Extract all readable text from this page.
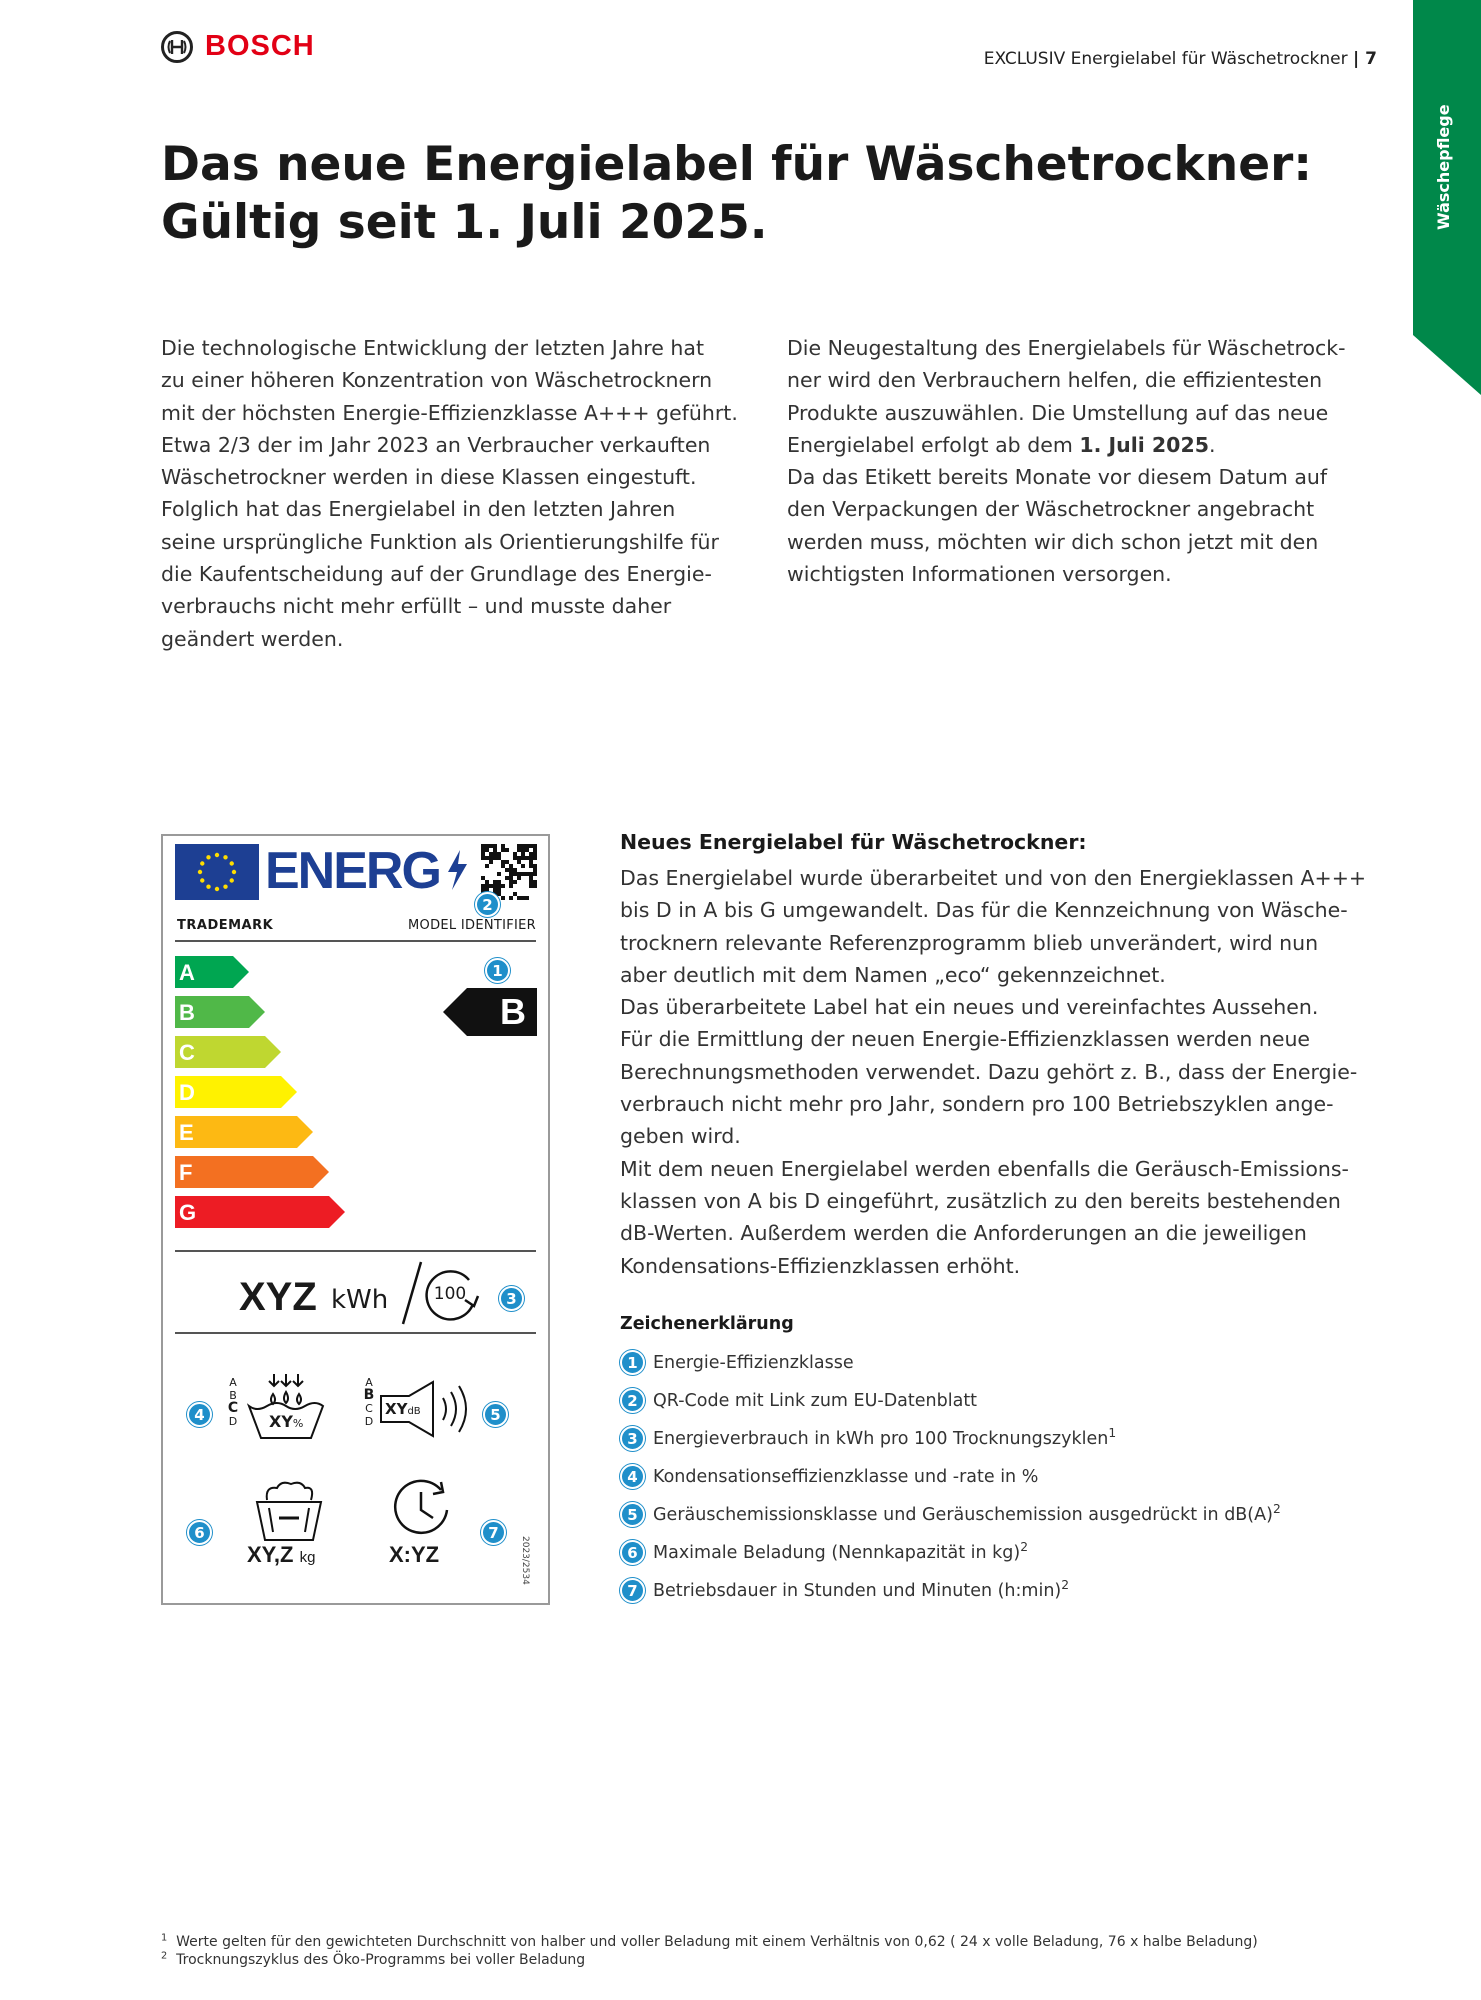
BOSCH	EXCLUSIV Energielabel für Wäschetrockner | 7
Wäschepflege
Das neue Energielabel für Wäschetrockner:
Gültig seit 1. Juli 2025.
Die technologische Entwicklung der letzten Jahre hat
zu einer höheren Konzentration von Wäschetrocknern
mit der höchsten Energie-Effizienzklasse A+++ geführt.
Etwa 2/3 der im Jahr 2023 an Verbraucher verkauften
Wäschetrockner werden in diese Klassen eingestuft.
Folglich hat das Energielabel in den letzten Jahren
seine ursprüngliche Funktion als Orientierungshilfe für
die Kaufentscheidung auf der Grundlage des Energie-
verbrauchs nicht mehr erfüllt – und musste daher
geändert werden.
Die Neugestaltung des Energielabels für Wäschetrock-
ner wird den Verbrauchern helfen, die effizientesten
Produkte auszuwählen. Die Umstellung auf das neue
Energielabel erfolgt ab dem 1. Juli 2025.
Da das Etikett bereits Monate vor diesem Datum auf
den Verpackungen der Wäschetrockner angebracht
werden muss, möchten wir dich schon jetzt mit den
wichtigsten Informationen versorgen.
ENERG
2
TRADEMARK	MODEL IDENTIFIER
A
B
C
D
E
F
G
1
B
XYZ kWh	100	3
4
A
B
C
D XY%
A
B
C
D
XYdB	5
6
XY,Z kg	X:YZ
7
2023/2534
Neues Energielabel für Wäschetrockner:
Das Energielabel wurde überarbeitet und von den Energieklassen A+++
bis D in A bis G umgewandelt. Das für die Kennzeichnung von Wäsche-
trocknern relevante Referenzprogramm blieb unverändert, wird nun
aber deutlich mit dem Namen „eco“ gekennzeichnet.
Das überarbeitete Label hat ein neues und vereinfachtes Aussehen.
Für die Ermittlung der neuen Energie-Effizienzklassen werden neue
Berechnungsmethoden verwendet. Dazu gehört z. B., dass der Energie-
verbrauch nicht mehr pro Jahr, sondern pro 100 Betriebszyklen ange-
geben wird.
Mit dem neuen Energielabel werden ebenfalls die Geräusch-Emissions-
klassen von A bis D eingeführt, zusätzlich zu den bereits bestehenden
dB-Werten. Außerdem werden die Anforderungen an die jeweiligen
Kondensations-Effizienzklassen erhöht.
Zeichenerklärung
1 Energie-Effizienzklasse
2 QR-Code mit Link zum EU-Datenblatt
3 Energieverbrauch in kWh pro 100 Trocknungszyklen$^1$
4 Kondensationseffizienzklasse und -rate in %
5 Geräuschemissionsklasse und Geräuschemission ausgedrückt in $dB(A)^2$
6 Maximale Beladung (Nennkapazität in kg)$^2$
7 Betriebsdauer in Stunden und Minuten (h:min)$^2$
$^1$ Werte gelten für den gewichteten Durchschnitt von halber und voller Beladung mit einem Verhältnis von 0,62 ( 24 x volle Beladung, 76 x halbe Beladung)
$^2$ Trocknungszyklus des Öko-Programms bei voller Beladung
